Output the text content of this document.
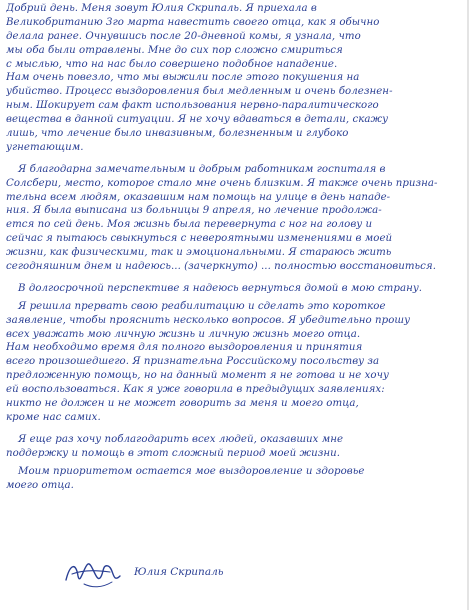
Добрий день. Меня зовут Юлия Скрипаль. Я приехала в
Великобританию 3го марта навестить своего отца, как я обычно
делала ранее. Очнувшись после 20-дневной комы, я узнала, что
мы оба были отравлены. Мне до сих пор сложно смириться
с мыслью, что на нас было совершено подобное нападение.
Нам очень повезло, что мы выжили после этого покушения на
убийство. Процесс выздоровления был медленным и очень болезнен-
ным. Шокирует сам факт использования нервно-паралитического
вещества в данной ситуации. Я не хочу вдаваться в детали, скажу
лишь, что лечение было инвазивным, болезненным и глубоко
угнетающим.
Я благодарна замечательным и добрым работникам госпиталя в
Солсбери, место, которое стало мне очень близким. Я также очень призна-
тельна всем людям, оказавшим нам помощь на улице в день нападе-
ния. Я была выписана из больницы 9 апреля, но лечение продолжа-
ется по сей день. Моя жизнь была перевернута с ног на голову и
сейчас я пытаюсь свыкнуться с невероятными изменениями в моей
жизни, как физическими, так и эмоциональными. Я стараюсь жить
сегодняшним днем и надеюсь... (зачеркнуто) ... полностью восстановиться.
В долгосрочной перспективе я надеюсь вернуться домой в мою страну.
Я решила прервать свою реабилитацию и сделать это короткое
заявление, чтобы прояснить несколько вопросов. Я убедительно прошу
всех уважать мою личную жизнь и личную жизнь моего отца.
Нам необходимо время для полного выздоровления и принятия
всего произошедшего. Я признательна Российскому посольству за
предложенную помощь, но на данный момент я не готова и не хочу
ей воспользоваться. Как я уже говорила в предыдущих заявлениях:
никто не должен и не может говорить за меня и моего отца,
кроме нас самих.
Я еще раз хочу поблагодарить всех людей, оказавших мне
поддержку и помощь в этот сложный период моей жизни.
Моим приоритетом остается мое выздоровление и здоровье
моего отца.
Юлия Скрипаль
